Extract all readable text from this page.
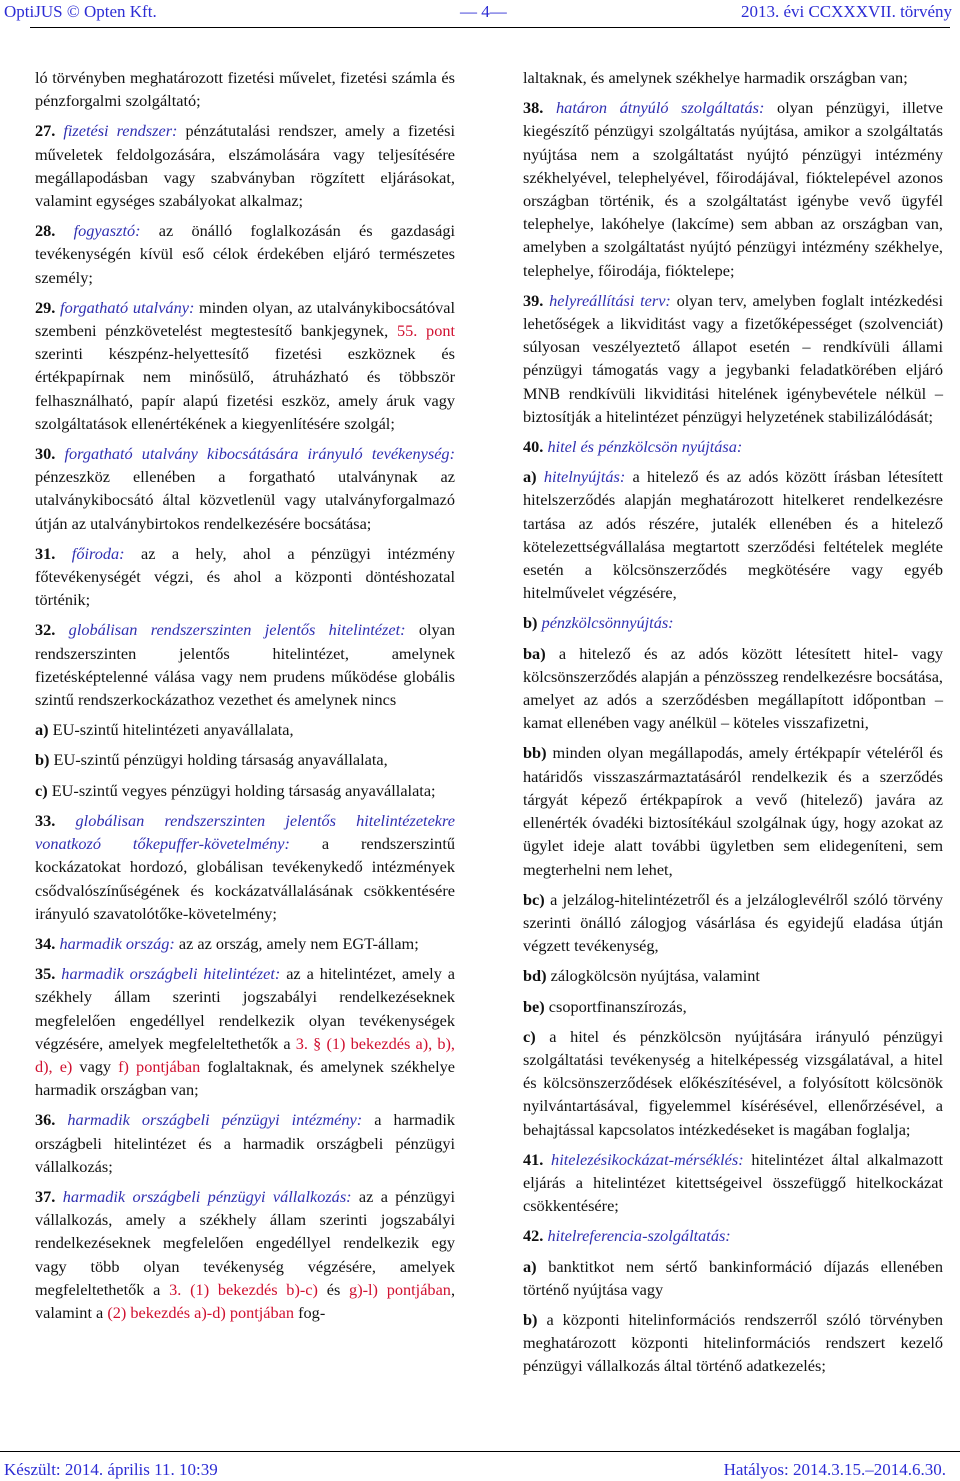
OptiJUS © Opten Kft.	— 4—	2013. évi CCXXXVII. törvény

ló törvényben meghatározott fizetési művelet, fizetési számla és pénzforgalmi szolgáltató;

27. fizetési rendszer: pénzátutalási rendszer, amely a fizetési műveletek feldolgozására, elszámolására vagy teljesítésére megállapodásban vagy szabványban rögzített eljárásokat, valamint egységes szabályokat alkalmaz;

28. fogyasztó: az önálló foglalkozásán és gazdasági tevékenységén kívül eső célok érdekében eljáró természetes személy;

29. forgatható utalvány: minden olyan, az utalványkibocsátóval szembeni pénzkövetelést megtestesítő bankjegynek, 55. pont szerinti készpénz-helyettesítő fizetési eszköznek és értékpapírnak nem minősülő, átruházható és többször felhasználható, papír alapú fizetési eszköz, amely áruk vagy szolgáltatások ellenértékének a kiegyenlítésére szolgál;

30. forgatható utalvány kibocsátására irányuló tevékenység: pénzeszköz ellenében a forgatható utalványnak az utalványkibocsátó által közvetlenül vagy utalványforgalmazó útján az utalványbirtokos rendelkezésére bocsátása;

31. főiroda: az a hely, ahol a pénzügyi intézmény főtevékenységét végzi, és ahol a központi döntéshozatal történik;

32. globálisan rendszerszinten jelentős hitelintézet: olyan rendszerszinten jelentős hitelintézet, amelynek fizetésképtelenné válása vagy nem prudens működése globális szintű rendszerkockázathoz vezethet és amelynek nincs

a) EU-szintű hitelintézeti anyavállalata,

b) EU-szintű pénzügyi holding társaság anyavállalata,

c) EU-szintű vegyes pénzügyi holding társaság anyavállalata;

33. globálisan rendszerszinten jelentős hitelintézetekre vonatkozó tőkepuffer-követelmény: a rendszerszintű kockázatokat hordozó, globálisan tevékenykedő intézmények csődvalószínűségének és kockázatvállalásának csökkentésére irányuló szavatolótőke-követelmény;

34. harmadik ország: az az ország, amely nem EGT-állam;

35. harmadik országbeli hitelintézet: az a hitelintézet, amely a székhely állam szerinti jogszabályi rendelkezéseknek megfelelően engedéllyel rendelkezik olyan tevékenységek végzésére, amelyek megfeleltethetők a 3. § (1) bekezdés a), b), d), e) vagy f) pontjában foglaltaknak, és amelynek székhelye harmadik országban van;

36. harmadik országbeli pénzügyi intézmény: a harmadik országbeli hitelintézet és a harmadik országbeli pénzügyi vállalkozás;

37. harmadik országbeli pénzügyi vállalkozás: az a pénzügyi vállalkozás, amely a székhely állam szerinti jogszabályi rendelkezéseknek megfelelően engedéllyel rendelkezik egy vagy több olyan tevékenység végzésére, amelyek megfeleltethetők a 3. (1) bekezdés b)-c) és g)-l) pontjában, valamint a (2) bekezdés a)-d) pontjában fog-

laltaknak, és amelynek székhelye harmadik országban van;

38. határon átnyúló szolgáltatás: olyan pénzügyi, illetve kiegészítő pénzügyi szolgáltatás nyújtása, amikor a szolgáltatás nyújtása nem a szolgáltatást nyújtó pénzügyi intézmény székhelyével, telephelyével, főirodájával, fióktelepével azonos országban történik, és a szolgáltatást igénybe vevő ügyfél telephelye, lakóhelye (lakcíme) sem abban az országban van, amelyben a szolgáltatást nyújtó pénzügyi intézmény székhelye, telephelye, főirodája, fióktelepe;

39. helyreállítási terv: olyan terv, amelyben foglalt intézkedési lehetőségek a likviditást vagy a fizetőképességet (szolvenciát) súlyosan veszélyeztető állapot esetén – rendkívüli állami pénzügyi támogatás vagy a jegybanki feladatkörében eljáró MNB rendkívüli likviditási hitelének igénybevétele nélkül – biztosítják a hitelintézet pénzügyi helyzetének stabilizálódását;

40. hitel és pénzkölcsön nyújtása:

a) hitelnyújtás: a hitelező és az adós között írásban létesített hitelszerződés alapján meghatározott hitelkeret rendelkezésre tartása az adós részére, jutalék ellenében és a hitelező kötelezettségvállalása megtartott szerződési feltételek megléte esetén a kölcsönszerződés megkötésére vagy egyéb hitelművelet végzésére,

b) pénzkölcsönnyújtás:

ba) a hitelező és az adós között létesített hitel- vagy kölcsönszerződés alapján a pénzösszeg rendelkezésre bocsátása, amelyet az adós a szerződésben megállapított időpontban – kamat ellenében vagy anélkül – köteles visszafizetni,

bb) minden olyan megállapodás, amely értékpapír vételéről és határidős visszaszármaztatásáról rendelkezik és a szerződés tárgyát képező értékpapírok a vevő (hitelező) javára az ellenérték óvadéki biztosítékául szolgálnak úgy, hogy azokat az ügylet ideje alatt további ügyletben sem elidegeníteni, sem megterhelni nem lehet,

bc) a jelzálog-hitelintézetről és a jelzáloglevélről szóló törvény szerinti önálló zálogjog vásárlása és egyidejű eladása útján végzett tevékenység,

bd) zálogkölcsön nyújtása, valamint

be) csoportfinanszírozás,

c) a hitel és pénzkölcsön nyújtására irányuló pénzügyi szolgáltatási tevékenység a hitelképesség vizsgálatával, a hitel és kölcsönszerződések előkészítésével, a folyósított kölcsönök nyilvántartásával, figyelemmel kísérésével, ellenőrzésével, a behajtással kapcsolatos intézkedéseket is magában foglalja;

41. hitelezésikockázat-mérséklés: hitelintézet által alkalmazott eljárás a hitelintézet kitettségeivel összefüggő hitelkockázat csökkentésére;

42. hitelreferencia-szolgáltatás:

a) banktitkot nem sértő bankinformáció díjazás ellenében történő nyújtása vagy

b) a központi hitelinformációs rendszerről szóló törvényben meghatározott központi hitelinformációs rendszert kezelő pénzügyi vállalkozás által történő adatkezelés;

Készült: 2014. április 11. 10:39	Hatályos: 2014.3.15.–2014.6.30.
